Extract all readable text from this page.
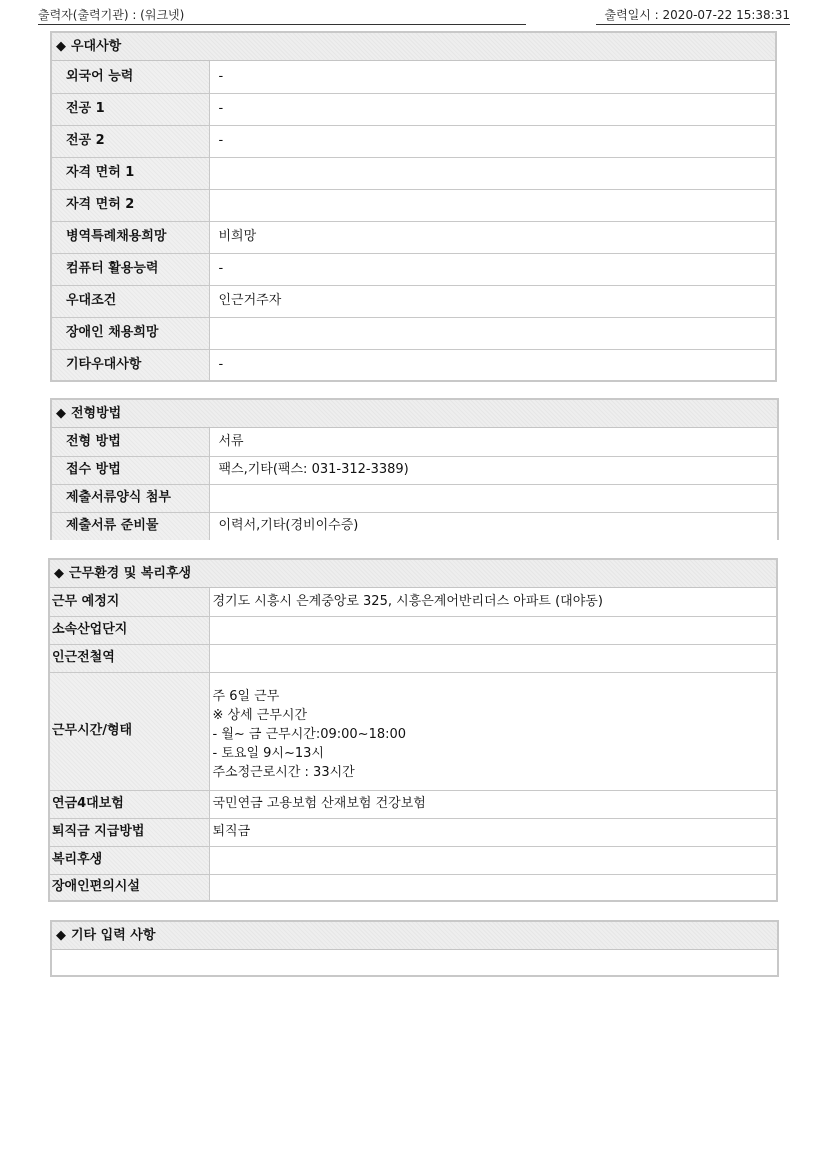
출력자(출력기관) : (워크넷)	출력일시 : 2020-07-22 15:38:31
◆ 우대사항
외국어 능력	-
전공 1	-
전공 2	-
자격 면허 1	
자격 면허 2	
병역특례채용희망	비희망
컴퓨터 활용능력	-
우대조건	인근거주자
장애인 채용희망	
기타우대사항	-
◆ 전형방법
전형 방법	서류
접수 방법	팩스,기타(팩스: 031-312-3389)
제출서류양식 첨부	
제출서류 준비물	이력서,기타(경비이수증)
◆ 근무환경 및 복리후생
근무 예정지	경기도 시흥시 은계중앙로 325, 시흥은계어반리더스 아파트 (대야동)
소속산업단지	
인근전철역	
근무시간/형태	주 6일 근무
※ 상세 근무시간
- 월~ 금 근무시간:09:00~18:00
- 토요일 9시~13시
주소정근로시간 : 33시간

연금4대보험	국민연금 고용보험 산재보험 건강보험
퇴직금 지급방법	퇴직금
복리후생	
장애인편의시설	
◆ 기타 입력 사항
